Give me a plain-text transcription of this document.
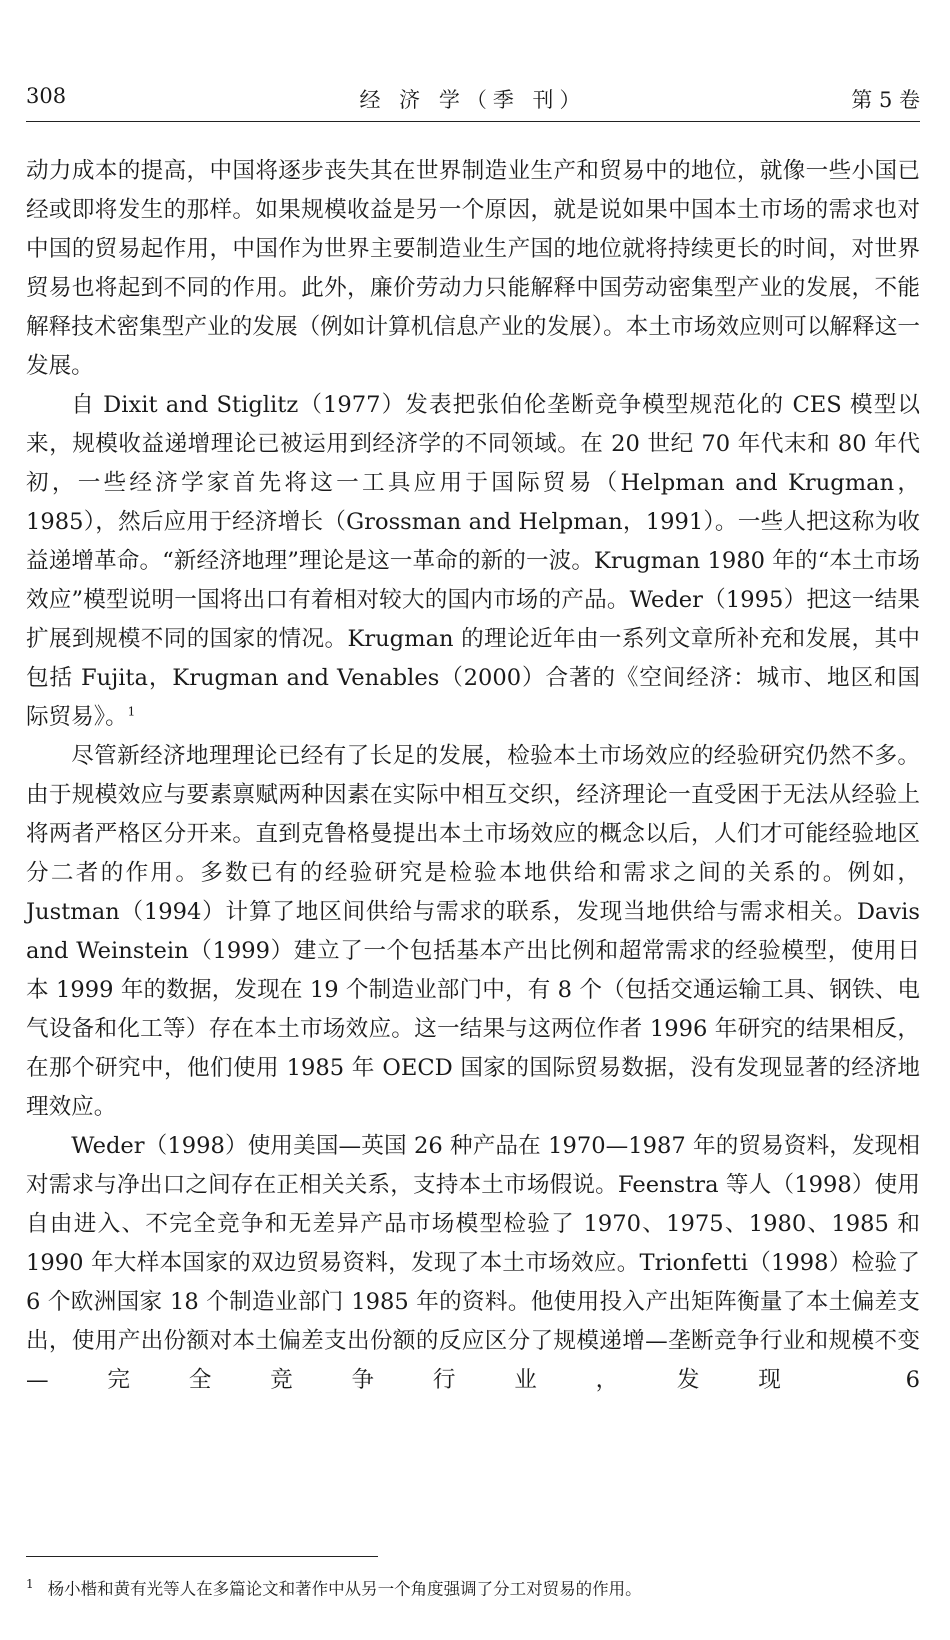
308	经 济 学（季 刊）	第 5 卷

动力成本的提高，中国将逐步丧失其在世界制造业生产和贸易中的地位，就像一些小国已经或即将发生的那样。如果规模收益是另一个原因，就是说如果中国本土市场的需求也对中国的贸易起作用，中国作为世界主要制造业生产国的地位就将持续更长的时间，对世界贸易也将起到不同的作用。此外，廉价劳动力只能解释中国劳动密集型产业的发展，不能解释技术密集型产业的发展（例如计算机信息产业的发展）。本土市场效应则可以解释这一发展。

自 Dixit and Stiglitz（1977）发表把张伯伦垄断竞争模型规范化的 CES 模型以来，规模收益递增理论已被运用到经济学的不同领域。在 20 世纪 70 年代末和 80 年代初，一些经济学家首先将这一工具应用于国际贸易（Helpman and Krugman，1985），然后应用于经济增长（Grossman and Helpman，1991）。一些人把这称为收益递增革命。“新经济地理”理论是这一革命的新的一波。Krugman 1980 年的“本土市场效应”模型说明一国将出口有着相对较大的国内市场的产品。Weder（1995）把这一结果扩展到规模不同的国家的情况。Krugman 的理论近年由一系列文章所补充和发展，其中包括 Fujita，Krugman and Venables（2000）合著的《空间经济：城市、地区和国际贸易》。$^1$

尽管新经济地理理论已经有了长足的发展，检验本土市场效应的经验研究仍然不多。由于规模效应与要素禀赋两种因素在实际中相互交织，经济理论一直受困于无法从经验上将两者严格区分开来。直到克鲁格曼提出本土市场效应的概念以后，人们才可能经验地区分二者的作用。多数已有的经验研究是检验本地供给和需求之间的关系的。例如，Justman（1994）计算了地区间供给与需求的联系，发现当地供给与需求相关。Davis and Weinstein（1999）建立了一个包括基本产出比例和超常需求的经验模型，使用日本 1999 年的数据，发现在 19 个制造业部门中，有 8 个（包括交通运输工具、钢铁、电气设备和化工等）存在本土市场效应。这一结果与这两位作者 1996 年研究的结果相反，在那个研究中，他们使用 1985 年 OECD 国家的国际贸易数据，没有发现显著的经济地理效应。

Weder（1998）使用美国—英国 26 种产品在 1970—1987 年的贸易资料，发现相对需求与净出口之间存在正相关关系，支持本土市场假说。Feenstra 等人（1998）使用自由进入、不完全竞争和无差异产品市场模型检验了 1970、1975、1980、1985 和 1990 年大样本国家的双边贸易资料，发现了本土市场效应。Trionfetti（1998）检验了 6 个欧洲国家 18 个制造业部门 1985 年的资料。他使用投入产出矩阵衡量了本土偏差支出，使用产出份额对本土偏差支出份额的反应区分了规模递增—垄断竞争行业和规模不变—完全竞争行业，发现 6

$^1$ 杨小楷和黄有光等人在多篇论文和著作中从另一个角度强调了分工对贸易的作用。
